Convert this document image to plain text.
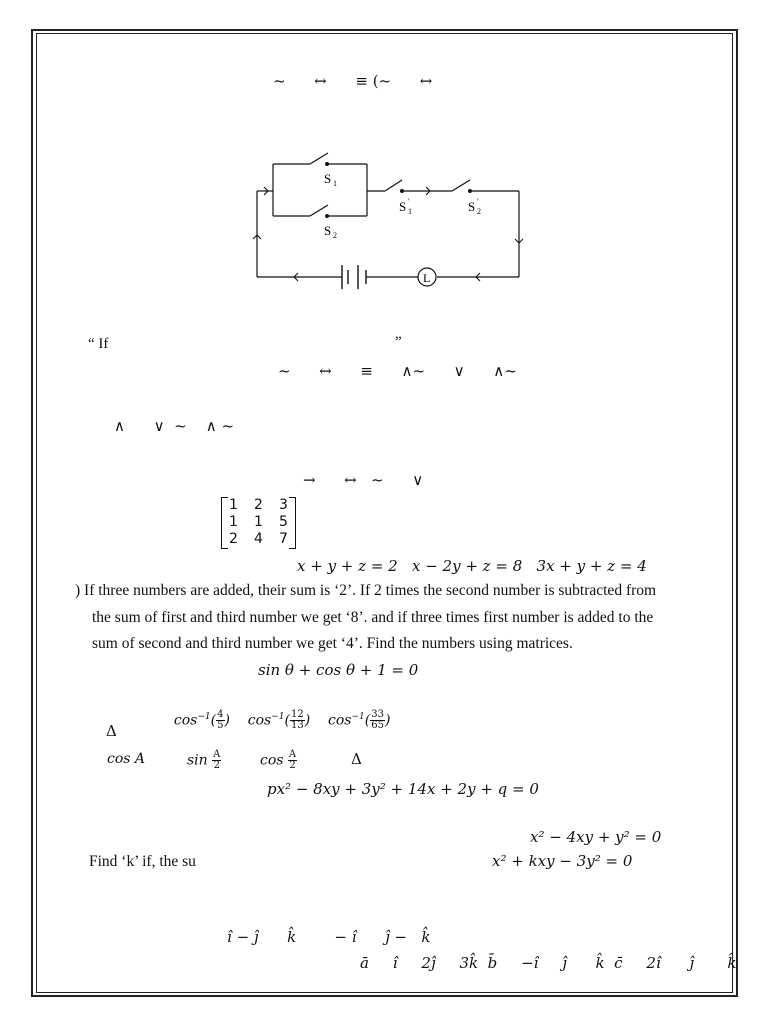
~      ↔      ≡ (~      ↔
S 1
S 2
S ′
1	S ′
2
L
“ If	”
~      ↔      ≡      ∧~      ∨      ∧~
∧      ∨  ~    ∧ ~
→      ↔   ~      ∨
1 2 3
1 1 5
2 4 7
x + y + z = 2   x − 2y + z = 8   3x + y + z = 4
) If three numbers are added, their sum is ‘2’. If 2 times the second number is subtracted from
the sum of first and third number we get ‘8’. and if three times first number is added to the
sum of second and third number we get ‘4’. Find the numbers using matrices.
sin θ + cos θ + 1 = 0

$\cos^{-1}( \frac{4}{5}$ )    $\cos^{-1}( \frac{12}{13}$ )    $\cos^{-1}( \frac{33}{65}$ )

Δ
cos A	$\sin \frac{A}{2}$	$\cos \frac{A}{2}$	Δ
px² − 8xy + 3y² + 14x + 2y + q = 0
x² − 4xy + y² = 0
Find ‘k’ if, the su	x² + kxy − 3y² = 0
î − ĵ      k̂        − î      ĵ −   k̂
ā     î     2ĵ     3k̂  b̄     −î     ĵ      k̂  c̄     2î      ĵ       k̂
